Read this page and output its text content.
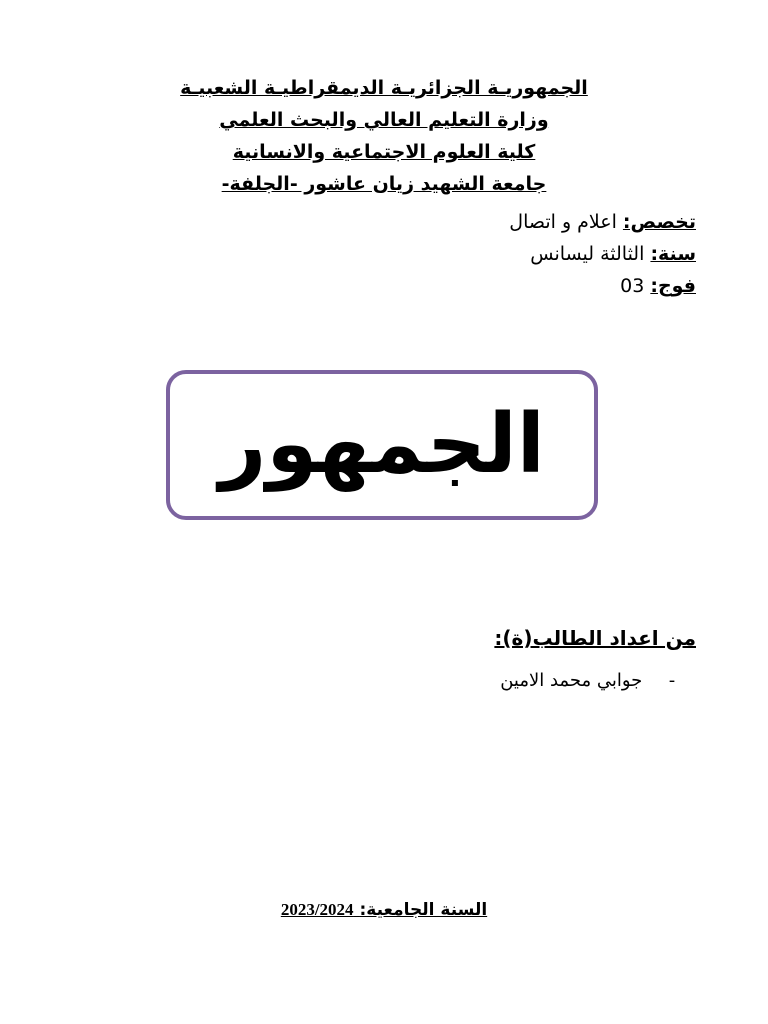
الجمهوريـة الجزائريـة الديمقراطيـة الشعبيـة

وزارة التعليم العالي والبحث العلمي

كلية العلوم الاجتماعية والانسانية

جامعة الشهيد زيان عاشور -الجلفة-

تخصص: اعلام و اتصال
سنة: الثالثة ليسانس
فوج: 03
الجمهور
من اعداد الطالب(ة):
- جوابي محمد الامين
السنة الجامعية: 2023/2024
